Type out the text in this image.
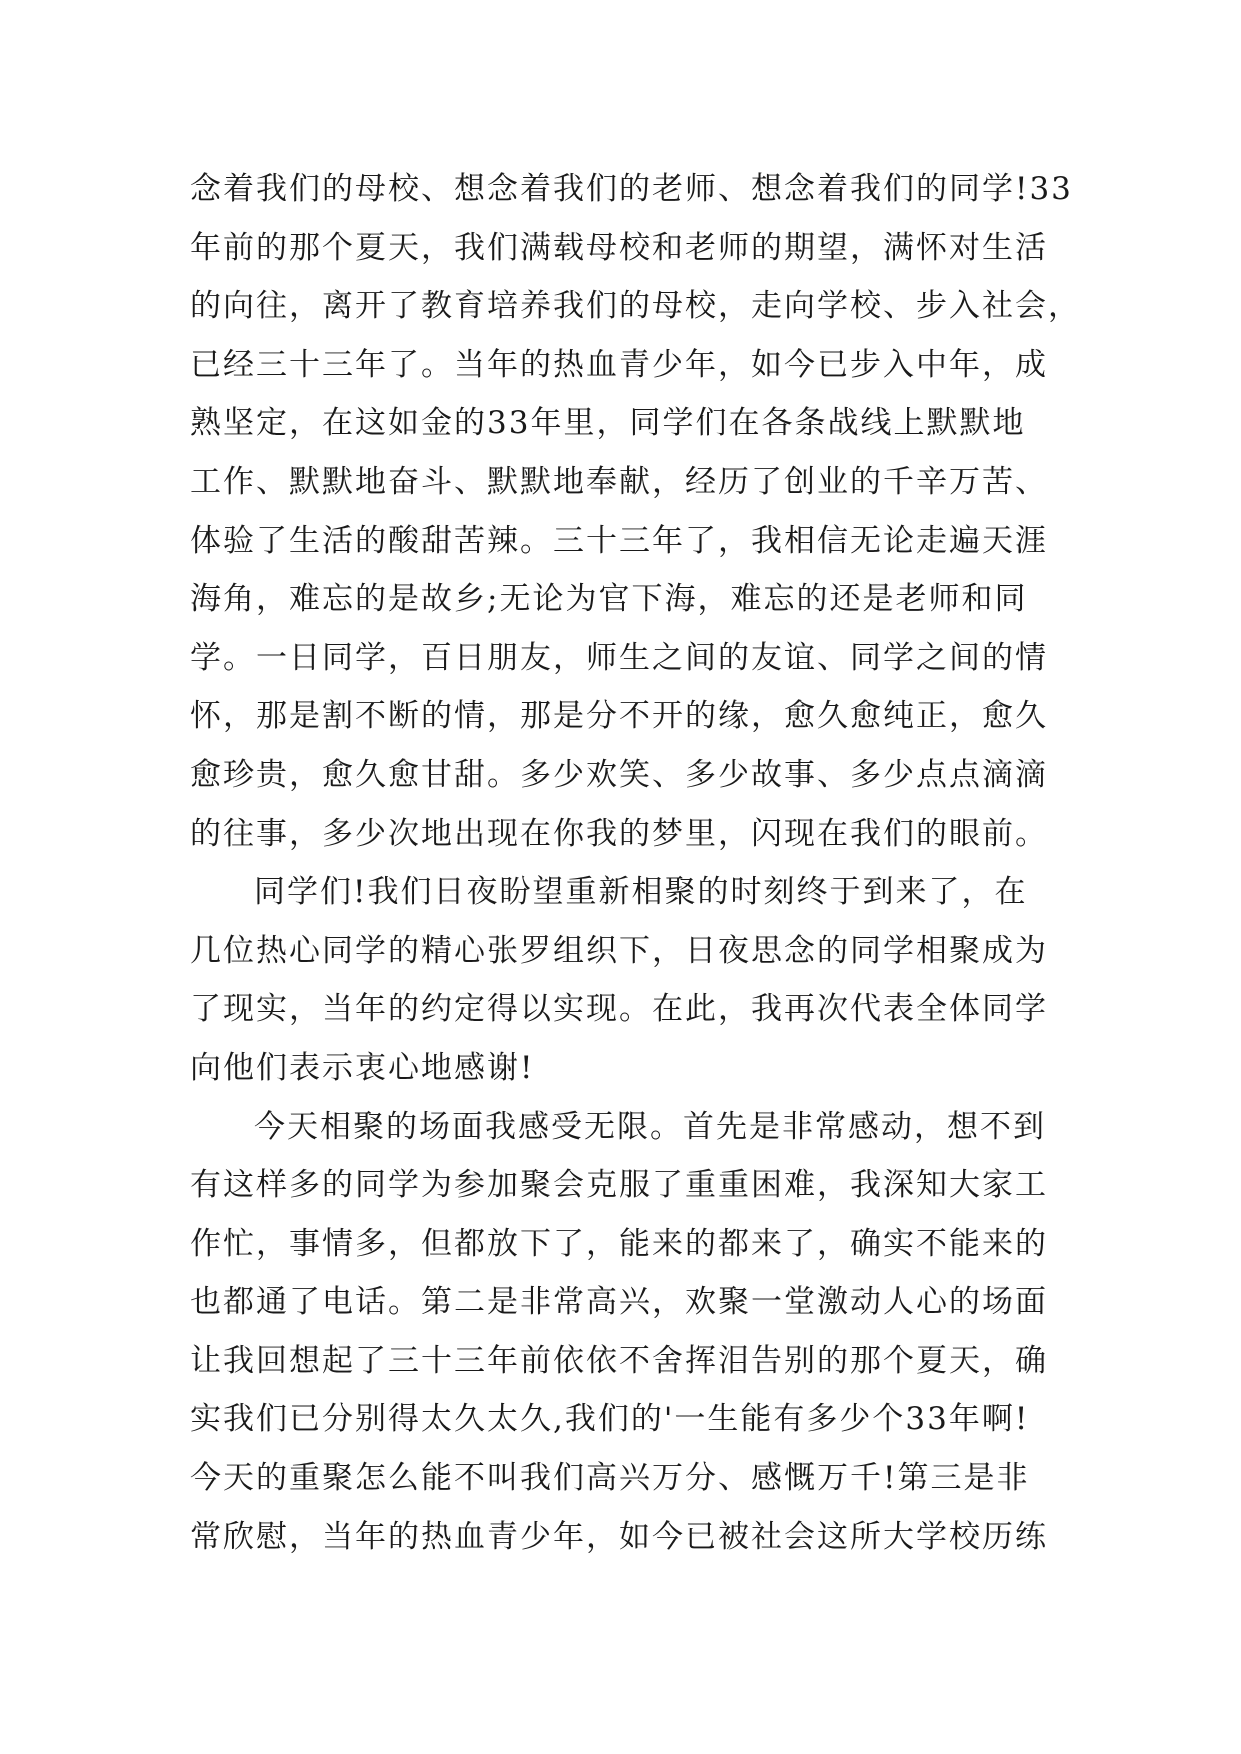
念着我们的母校、想念着我们的老师、想念着我们的同学!33
年前的那个夏天，我们满载母校和老师的期望，满怀对生活
的向往，离开了教育培养我们的母校，走向学校、步入社会，
已经三十三年了。当年的热血青少年，如今已步入中年，成
熟坚定，在这如金的33年里，同学们在各条战线上默默地
工作、默默地奋斗、默默地奉献，经历了创业的千辛万苦、
体验了生活的酸甜苦辣。三十三年了，我相信无论走遍天涯
海角，难忘的是故乡;无论为官下海，难忘的还是老师和同
学。一日同学，百日朋友，师生之间的友谊、同学之间的情
怀，那是割不断的情，那是分不开的缘，愈久愈纯正，愈久
愈珍贵，愈久愈甘甜。多少欢笑、多少故事、多少点点滴滴
的往事，多少次地出现在你我的梦里，闪现在我们的眼前。
同学们!我们日夜盼望重新相聚的时刻终于到来了，在
几位热心同学的精心张罗组织下，日夜思念的同学相聚成为
了现实，当年的约定得以实现。在此，我再次代表全体同学
向他们表示衷心地感谢!
今天相聚的场面我感受无限。首先是非常感动，想不到
有这样多的同学为参加聚会克服了重重困难，我深知大家工
作忙，事情多，但都放下了，能来的都来了，确实不能来的
也都通了电话。第二是非常高兴，欢聚一堂激动人心的场面
让我回想起了三十三年前依依不舍挥泪告别的那个夏天，确
实我们已分别得太久太久,我们的'一生能有多少个33年啊!
今天的重聚怎么能不叫我们高兴万分、感慨万千!第三是非
常欣慰，当年的热血青少年，如今已被社会这所大学校历练
